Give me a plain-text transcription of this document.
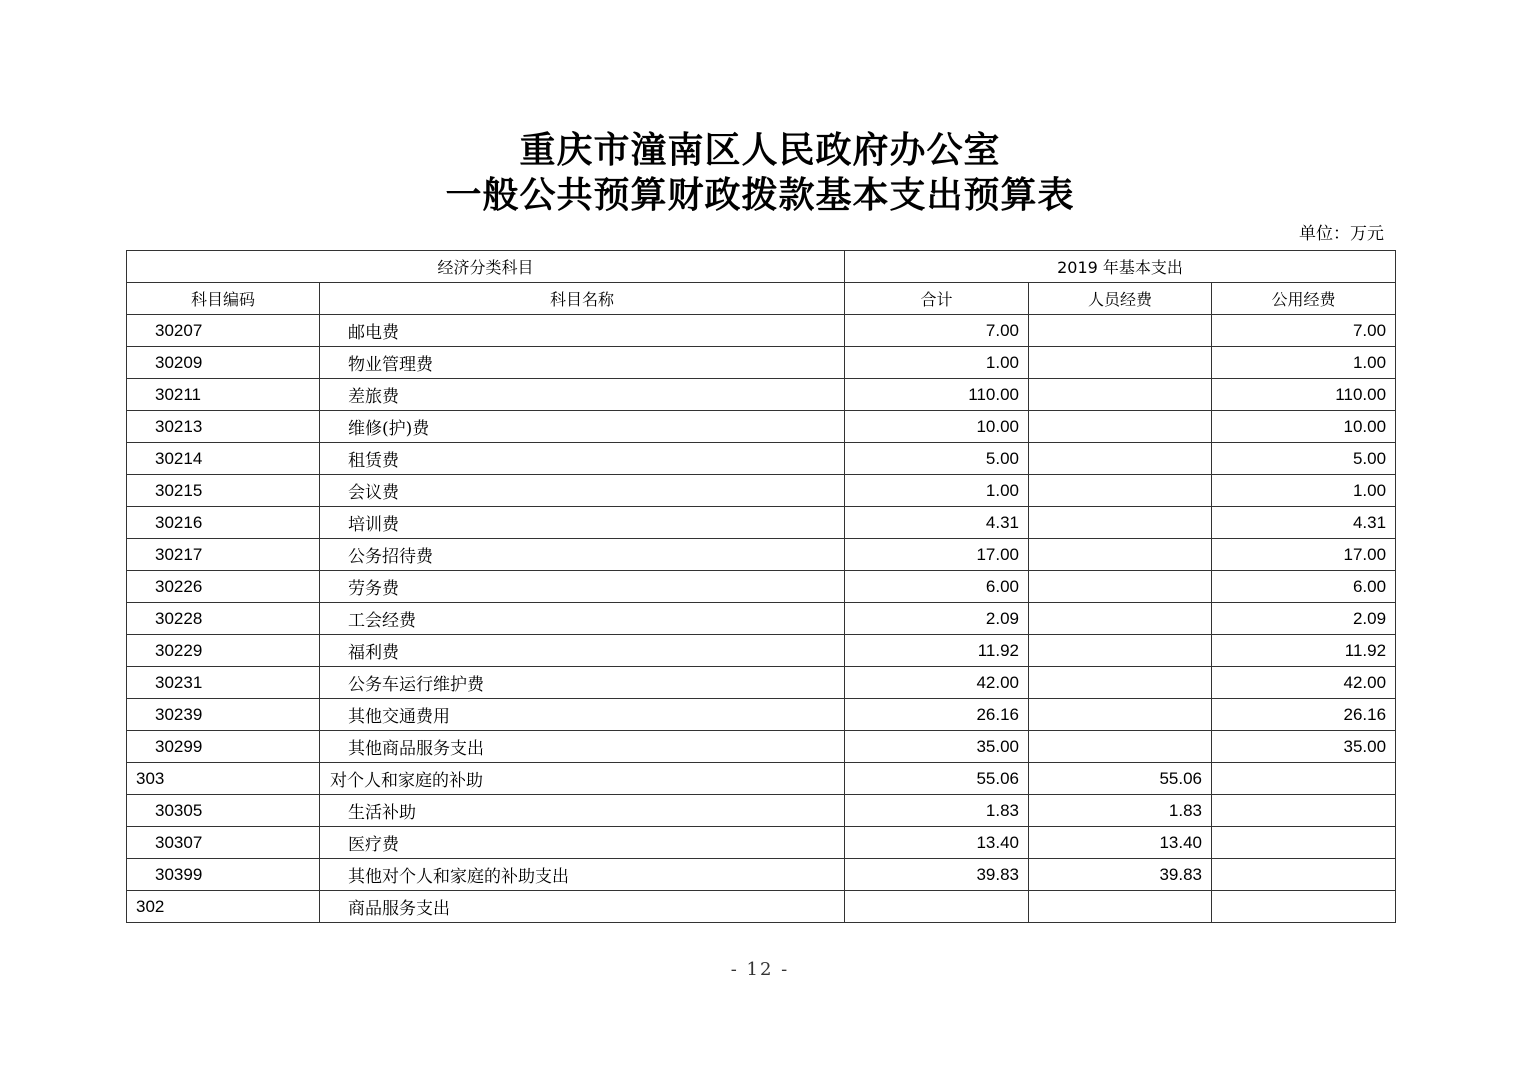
重庆市潼南区人民政府办公室
一般公共预算财政拨款基本支出预算表
单位：万元
经济分类科目		2019 年基本支出		
科目编码	科目名称	合计	人员经费	公用经费
30207	邮电费	7.00		7.00
30209	物业管理费	1.00		1.00
30211	差旅费	110.00		110.00
30213	维修(护)费	10.00		10.00
30214	租赁费	5.00		5.00
30215	会议费	1.00		1.00
30216	培训费	4.31		4.31
30217	公务招待费	17.00		17.00
30226	劳务费	6.00		6.00
30228	工会经费	2.09		2.09
30229	福利费	11.92		11.92
30231	公务车运行维护费	42.00		42.00
30239	其他交通费用	26.16		26.16
30299	其他商品服务支出	35.00		35.00
303	对个人和家庭的补助	55.06	55.06	
30305	生活补助	1.83	1.83	
30307	医疗费	13.40	13.40	
30399	其他对个人和家庭的补助支出	39.83	39.83	
302	商品服务支出			
- 12 -
